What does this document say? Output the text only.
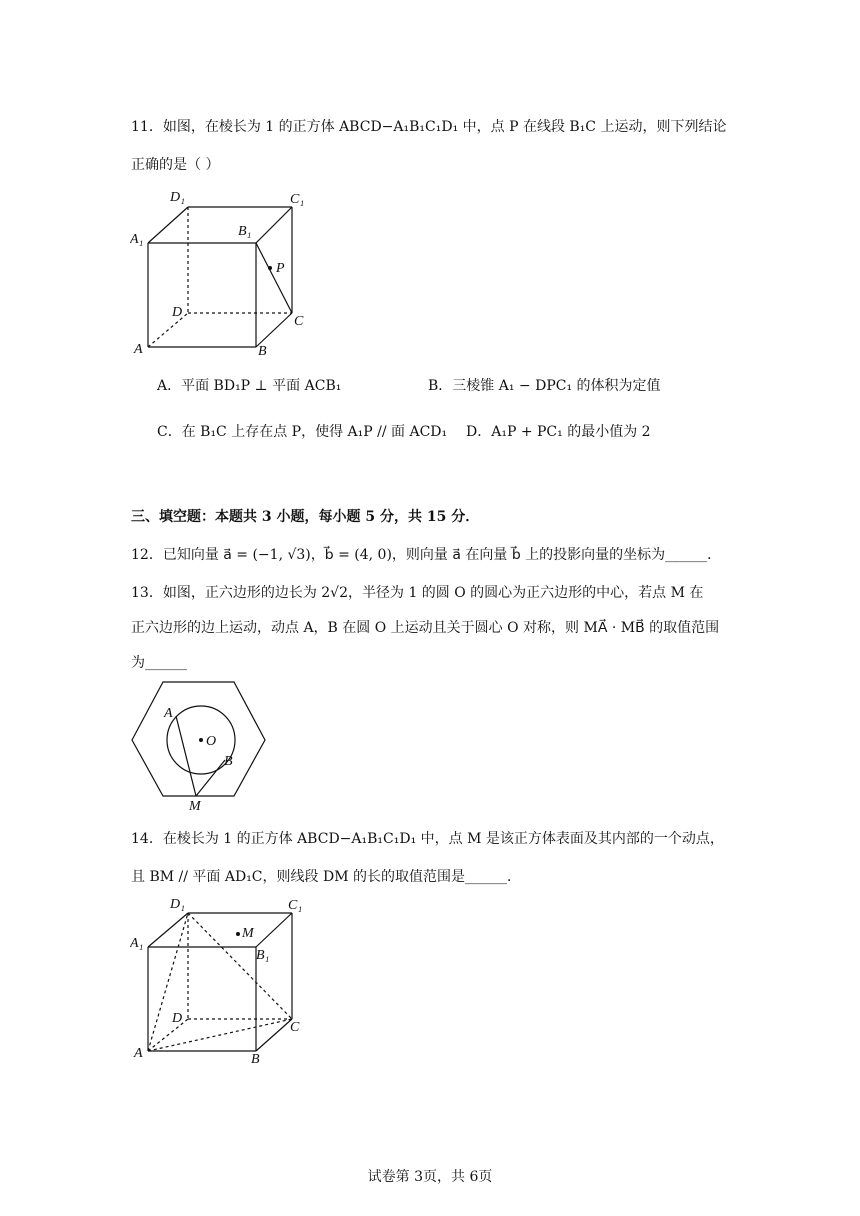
11．如图，在棱长为 1 的正方体 ABCD−A₁B₁C₁D₁ 中，点 P 在线段 B₁C 上运动，则下列结论
正确的是（ ）
D₁	C₁
A₁
B₁
P
D
C
A	B
A．平面 BD₁P ⊥ 平面 ACB₁	B．三棱锥 A₁ − DPC₁ 的体积为定值
C．在 B₁C 上存在点 P，使得 A₁P // 面 ACD₁ D．A₁P + PC₁ 的最小值为 2
三、填空题：本题共 3 小题，每小题 5 分，共 15 分．
12．已知向量 a⃗ = (−1, √3)，b⃗ = (4, 0)，则向量 a⃗ 在向量 b⃗ 上的投影向量的坐标为______．
13．如图，正六边形的边长为 2√2，半径为 1 的圆 O 的圆心为正六边形的中心，若点 M 在
正六边形的边上运动，动点 A，B 在圆 O 上运动且关于圆心 O 对称，则 MA⃗ · MB⃗ 的取值范围
为______
A
O
B
M
14．在棱长为 1 的正方体 ABCD−A₁B₁C₁D₁ 中，点 M 是该正方体表面及其内部的一个动点，
且 BM // 平面 AD₁C，则线段 DM 的长的取值范围是______．
D₁	C₁
A₁
B₁
M
D
C
A	B
试卷第 3页，共 6页
